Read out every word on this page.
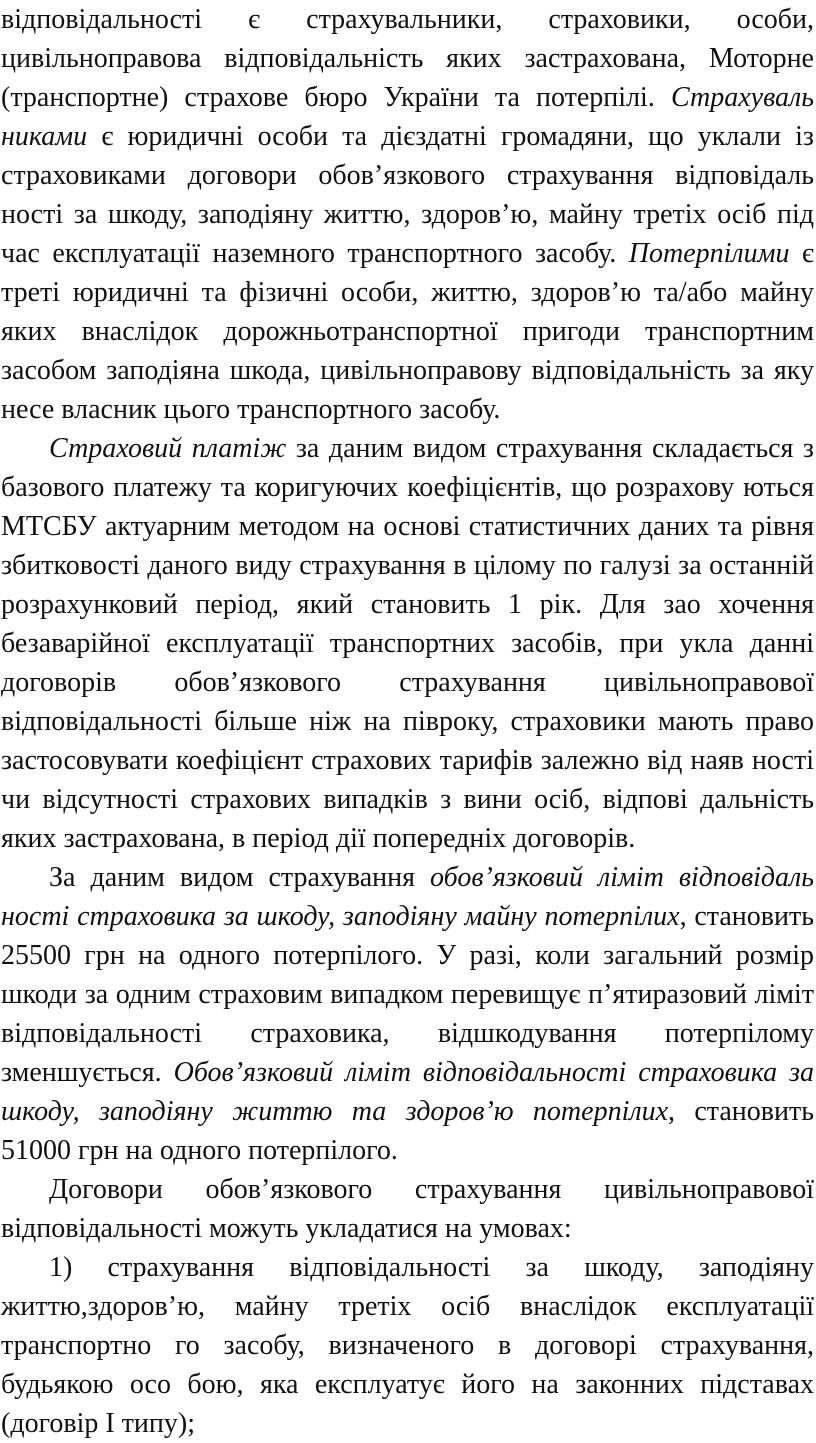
відповідальності є страхувальники, страховики, особи, цивільноправова відповідальність яких застрахована, Моторне (транспортне) страхове бюро України та потерпілі. Страхуваль никами є юридичні особи та дієздатні громадяни, що уклали із страховиками договори обов’язкового страхування відповідаль ності за шкоду, заподіяну життю, здоров’ю, майну третіх осіб під час експлуатації наземного транспортного засобу. Потерпілими є треті юридичні та фізичні особи, життю, здоров’ю та/або майну яких внаслідок дорожньотранспортної пригоди транспортним засобом заподіяна шкода, цивільноправову відповідальність за яку несе власник цього транспортного засобу.

Страховий платіж за даним видом страхування складається з базового платежу та коригуючих коефіцієнтів, що розрахову ються МТСБУ актуарним методом на основі статистичних даних та рівня збитковості даного виду страхування в цілому по галузі за останній розрахунковий період, який становить 1 рік. Для зао хочення безаварійної експлуатації транспортних засобів, при укла данні договорів обов’язкового страхування цивільноправової відповідальності більше ніж на півроку, страховики мають право застосовувати коефіцієнт страхових тарифів залежно від наяв ності чи відсутності страхових випадків з вини осіб, відпові дальність яких застрахована, в період дії попередніх договорів.

За даним видом страхування обов’язковий ліміт відповідаль ності страховика за шкоду, заподіяну майну потерпілих, становить 25500 грн на одного потерпілого. У разі, коли загальний розмір шкоди за одним страховим випадком перевищує п’ятиразовий ліміт відповідальності страховика, відшкодування потерпілому зменшується. Обов’язковий ліміт відповідальності страховика за шкоду, заподіяну життю та здоров’ю потерпілих, становить 51000 грн на одного потерпілого.

Договори обов’язкового страхування цивільноправової відповідальності можуть укладатися на умовах:

1) страхування відповідальності за шкоду, заподіяну життю,здоров’ю, майну третіх осіб внаслідок експлуатації транспортно го засобу, визначеного в договорі страхування, будьякою осо бою, яка експлуатує його на законних підставах (договір І типу);
